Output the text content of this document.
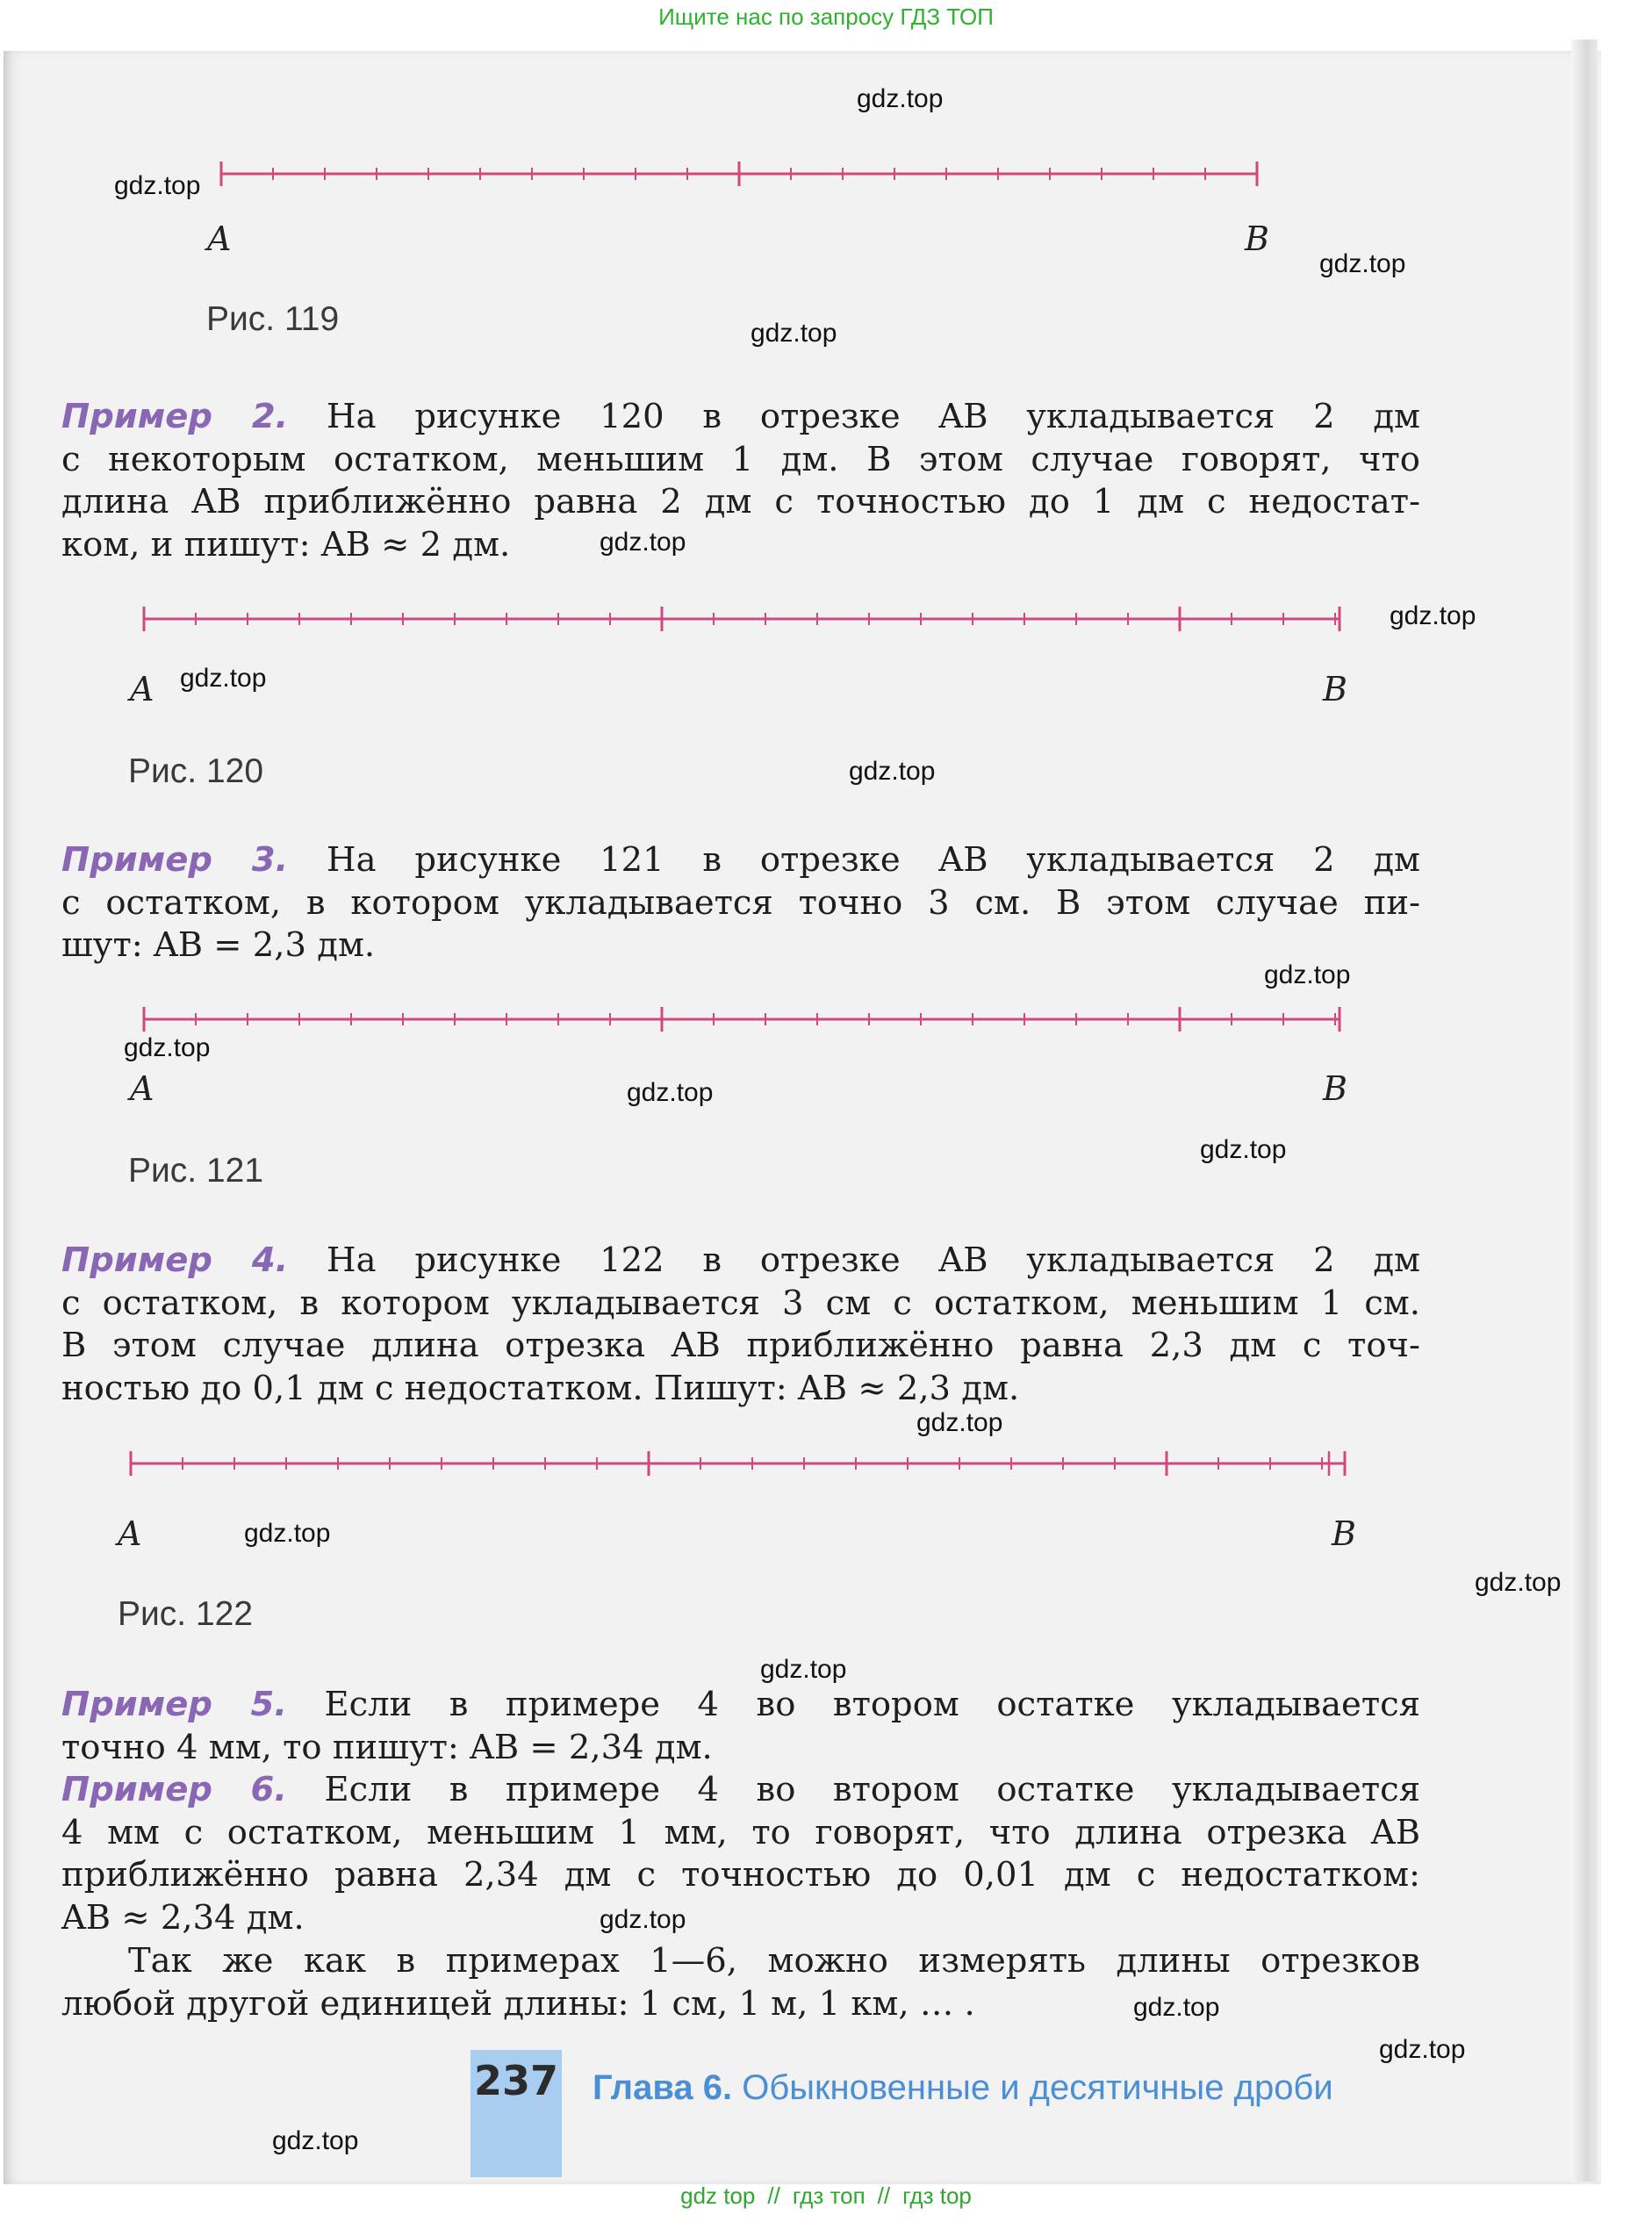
Ищите нас по запросу ГДЗ ТОП
A	B
Рис. 119
Пример 2. На рисунке 120 в отрезке AB укладывается 2 дм
с некоторым остатком, меньшим 1 дм. В этом случае говорят, что
длина AB приближённо равна 2 дм с точностью до 1 дм с недостат-
ком, и пишут: AB ≈ 2 дм.
A	B
Рис. 120
Пример 3. На рисунке 121 в отрезке AB укладывается 2 дм
с остатком, в котором укладывается точно 3 см. В этом случае пи-
шут: AB = 2,3 дм.
A	B
Рис. 121
Пример 4. На рисунке 122 в отрезке AB укладывается 2 дм
с остатком, в котором укладывается 3 см с остатком, меньшим 1 см.
В этом случае длина отрезка AB приближённо равна 2,3 дм с точ-
ностью до 0,1 дм с недостатком. Пишут: AB ≈ 2,3 дм.
A	B
Рис. 122
Пример 5. Если в примере 4 во втором остатке укладывается
точно 4 мм, то пишут: AB = 2,34 дм.
Пример 6. Если в примере 4 во втором остатке укладывается
4 мм с остатком, меньшим 1 мм, то говорят, что длина отрезка AB
приближённо равна 2,34 дм с точностью до 0,01 дм с недостатком:
AB ≈ 2,34 дм.
Так же как в примерах 1—6, можно измерять длины отрезков
любой другой единицей длины: 1 см, 1 м, 1 км, … .
237 Глава 6. Обыкновенные и десятичные дроби
gdz.top
gdz.top
gdz.top
gdz.top
gdz.top
gdz.top
gdz.top
gdz.top
gdz.top
gdz.top
gdz.top
gdz.top
gdz.top
gdz.top
gdz.top
gdz.top
gdz.top
gdz.top
gdz.top
gdz.top
gdz top // гдз топ // гдз top
